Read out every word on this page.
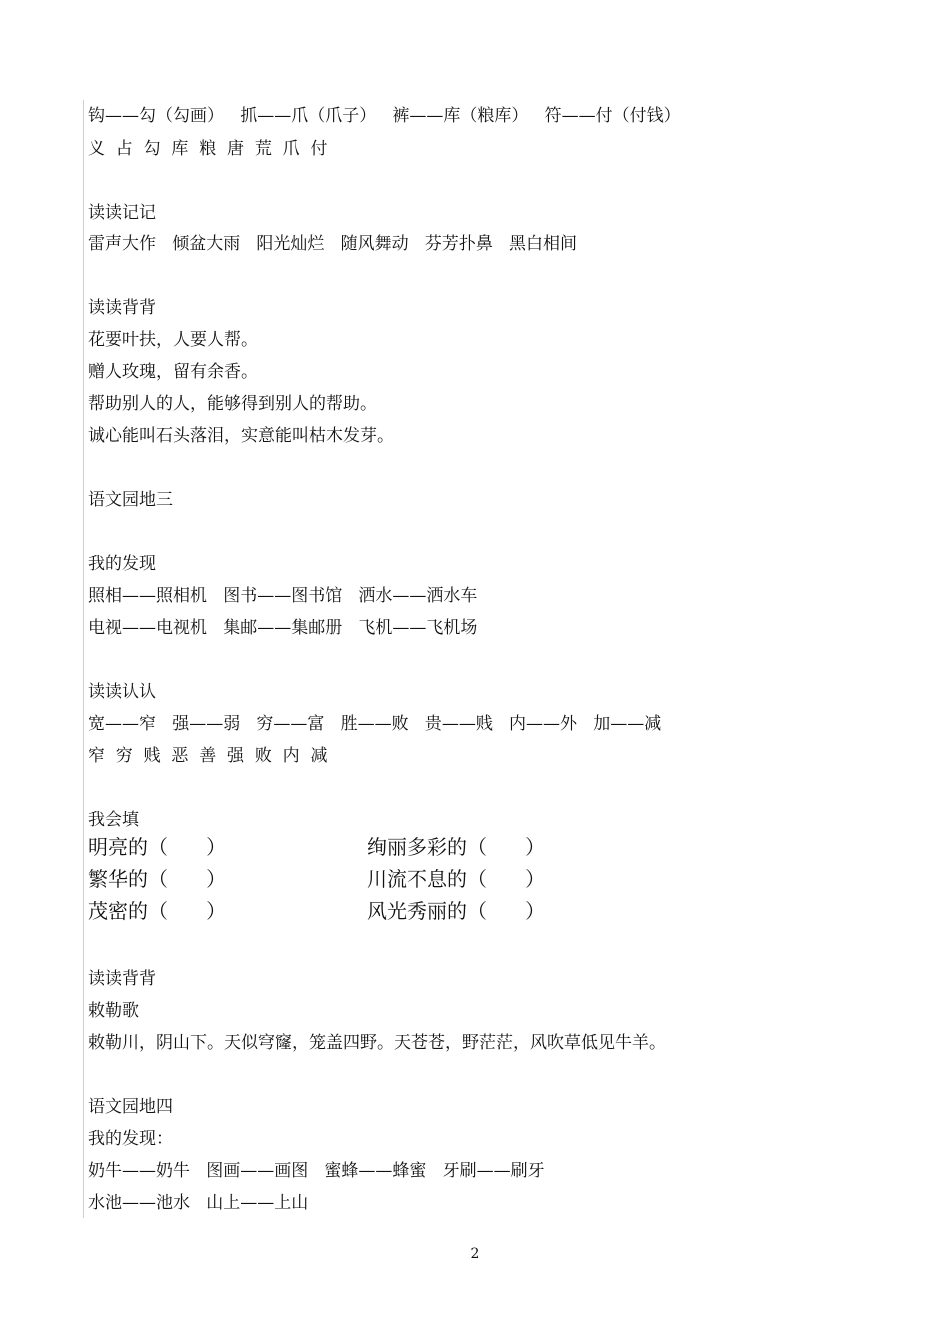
钩——勾（勾画）   抓——爪（爪子）   裤——库（粮库）   符——付（付钱）
义  占  勾  库  粮  唐  荒  爪  付
读读记记
雷声大作   倾盆大雨   阳光灿烂   随风舞动   芬芳扑鼻   黑白相间
读读背背
花要叶扶，人要人帮。
赠人玫瑰，留有余香。
帮助别人的人，能够得到别人的帮助。
诚心能叫石头落泪，实意能叫枯木发芽。
语文园地三
我的发现
照相——照相机   图书——图书馆   洒水——洒水车
电视——电视机   集邮——集邮册   飞机——飞机场
读读认认
宽——窄   强——弱   穷——富   胜——败   贵——贱   内——外   加——减
窄  穷  贱  恶  善  强  败  内  减
我会填
明亮的（      ）	绚丽多彩的（      ）
繁华的（      ）	川流不息的（      ）
茂密的（      ）	风光秀丽的（      ）
读读背背
敕勒歌
敕勒川，阴山下。天似穹窿，笼盖四野。天苍苍，野茫茫，风吹草低见牛羊。
语文园地四
我的发现：
奶牛——奶牛   图画——画图   蜜蜂——蜂蜜   牙刷——刷牙
水池——池水   山上——上山
2
